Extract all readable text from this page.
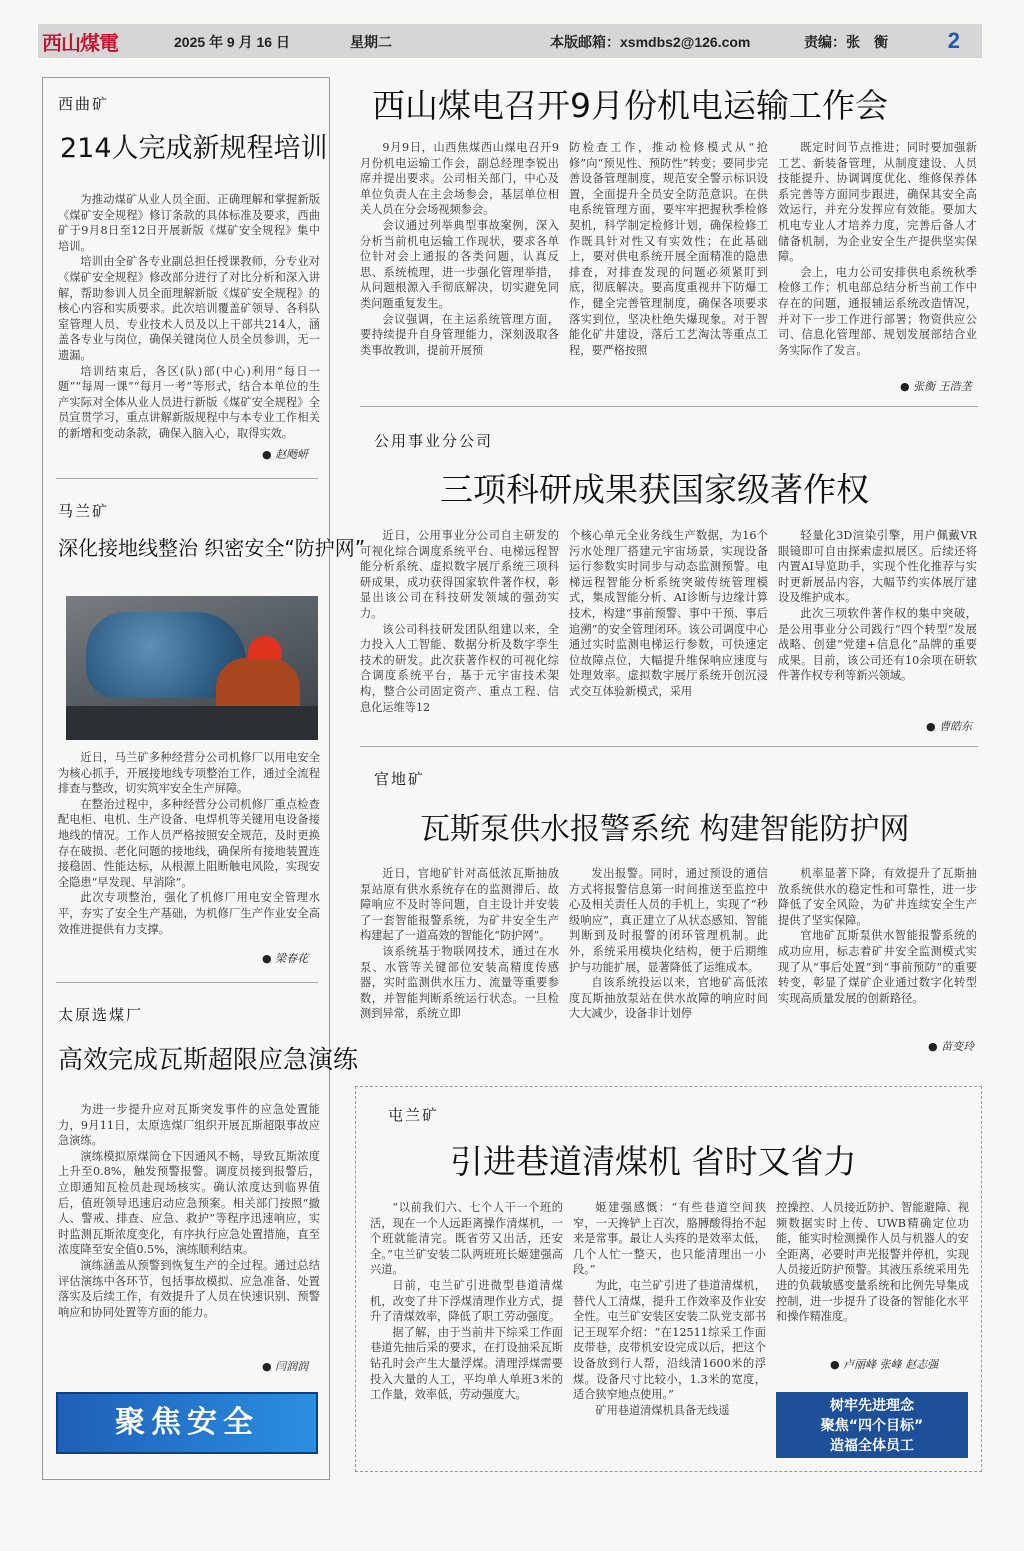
西山煤電	2025 年 9 月 16 日	星期二	本版邮箱：xsmdbs2@126.com	责编：张　衡	2
西曲矿
214人完成新规程培训

为推动煤矿从业人员全面、正确理解和掌握新版《煤矿安全规程》修订条款的具体标准及要求，西曲矿于9月8日至12日开展新版《煤矿安全规程》集中培训。

培训由全矿各专业副总担任授课教师，分专业对《煤矿安全规程》修改部分进行了对比分析和深入讲解，帮助参训人员全面理解新版《煤矿安全规程》的核心内容和实质要求。此次培训覆盖矿领导、各科队室管理人员、专业技术人员及以上干部共214人，涵盖各专业与岗位，确保关键岗位人员全员参训，无一遗漏。

培训结束后，各区(队)部(中心)利用“每日一题”“每周一课”“每月一考”等形式，结合本单位的生产实际对全体从业人员进行新版《煤矿安全规程》全员宣贯学习，重点讲解新版规程中与本专业工作相关的新增和变动条款，确保入脑入心，取得实效。

● 赵飏岍
马兰矿
深化接地线整治 织密安全“防护网”

近日，马兰矿多种经营分公司机修厂以用电安全为核心抓手，开展接地线专项整治工作，通过全流程排查与整改，切实筑牢安全生产屏障。

在整治过程中，多种经营分公司机修厂重点检查配电柜、电机、生产设备、电焊机等关键用电设备接地线的情况。工作人员严格按照安全规范，及时更换存在破损、老化问题的接地线，确保所有接地装置连接稳固、性能达标，从根源上阻断触电风险，实现安全隐患“早发现、早消除”。

此次专项整治，强化了机修厂用电安全管理水平，夯实了安全生产基础，为机修厂生产作业安全高效推进提供有力支撑。

● 梁春花
太原选煤厂
高效完成瓦斯超限应急演练

为进一步提升应对瓦斯突发事件的应急处置能力，9月11日，太原选煤厂组织开展瓦斯超限事故应急演练。

演练模拟原煤筒仓下因通风不畅，导致瓦斯浓度上升至0.8%，触发预警报警。调度员接到报警后，立即通知瓦检员赴现场核实。确认浓度达到临界值后，值班领导迅速启动应急预案。相关部门按照“撤人、警戒、排查、应急、救护”等程序迅速响应，实时监测瓦斯浓度变化，有序执行应急处置措施，直至浓度降至安全值0.5%，演练顺利结束。

演练涵盖从预警到恢复生产的全过程。通过总结评估演练中各环节，包括事故模拟、应急准备、处置落实及后续工作，有效提升了人员在快速识别、预警响应和协同处置等方面的能力。

● 闫润润
聚焦安全
西山煤电召开9月份机电运输工作会

9月9日，山西焦煤西山煤电召开9月份机电运输工作会，副总经理李锐出席并提出要求。公司相关部门，中心及单位负责人在主会场参会，基层单位相关人员在分会场视频参会。

会议通过列举典型事故案例，深入分析当前机电运输工作现状，要求各单位针对会上通报的各类问题，认真反思、系统梳理，进一步强化管理举措，从问题根源入手彻底解决，切实避免同类问题重复发生。

会议强调，在主运系统管理方面，要持续提升自身管理能力，深刻汲取各类事故教训，提前开展预

防检查工作，推动检修模式从“抢修”向“预见性、预防性”转变；要同步完善设备管理制度，规范安全警示标识设置，全面提升全员安全防范意识。在供电系统管理方面，要牢牢把握秋季检修契机，科学制定检修计划，确保检修工作既具针对性又有实效性；在此基础上，要对供电系统开展全面精准的隐患排查，对排查发现的问题必须紧盯到底，彻底解决。要高度重视井下防爆工作，健全完善管理制度，确保各项要求落实到位，坚决杜绝失爆现象。对于智能化矿井建设，落后工艺淘汰等重点工程，要严格按照

既定时间节点推进；同时要加强新工艺、新装备管理，从制度建设、人员技能提升、协调调度优化、维修保养体系完善等方面同步跟进，确保其安全高效运行，并充分发挥应有效能。要加大机电专业人才培养力度，完善后备人才储备机制，为企业安全生产提供坚实保障。

会上，电力公司安排供电系统秋季检修工作；机电部总结分析当前工作中存在的问题，通报辅运系统改造情况，并对下一步工作进行部署；物资供应公司、信息化管理部、规划发展部结合业务实际作了发言。

● 张衡 王浩垄
公用事业分公司
三项科研成果获国家级著作权

近日，公用事业分公司自主研发的可视化综合调度系统平台、电梯远程智能分析系统、虚拟数字展厅系统三项科研成果，成功获得国家软件著作权，彰显出该公司在科技研发领域的强劲实力。

该公司科技研发团队组建以来，全力投入人工智能、数据分析及数字孪生技术的研发。此次获著作权的可视化综合调度系统平台，基于元宇宙技术架构，整合公司固定资产、重点工程、信息化运维等12

个核心单元全业务线生产数据，为16个污水处理厂搭建元宇宙场景，实现设备运行参数实时同步与动态监测预警。电梯远程智能分析系统突破传统管理模式，集成智能分析、AI诊断与边缘计算技术，构建“事前预警、事中干预、事后追溯”的安全管理闭环。该公司调度中心通过实时监测电梯运行参数，可快速定位故障点位，大幅提升维保响应速度与处理效率。虚拟数字展厅系统开创沉浸式交互体验新模式，采用

轻量化3D渲染引擎，用户佩戴VR眼镜即可自由探索虚拟展区。后续还将内置AI导览助手，实现个性化推荐与实时更新展品内容，大幅节约实体展厅建设及维护成本。

此次三项软件著作权的集中突破，是公用事业分公司践行“四个转型”发展战略、创建“党建+信息化”品牌的重要成果。目前，该公司还有10余项在研软件著作权专利等新兴领域。

● 曹皓东
官地矿
瓦斯泵供水报警系统 构建智能防护网

近日，官地矿针对高低浓瓦斯抽放泵站原有供水系统存在的监测滞后、故障响应不及时等问题，自主设计并安装了一套智能报警系统，为矿井安全生产构建起了一道高效的智能化“防护网”。

该系统基于物联网技术，通过在水泵、水管等关键部位安装高精度传感器，实时监测供水压力、流量等重要参数，并智能判断系统运行状态。一旦检测到异常，系统立即

发出报警。同时，通过预设的通信方式将报警信息第一时间推送至监控中心及相关责任人员的手机上，实现了“秒级响应”，真正建立了从状态感知、智能判断到及时报警的闭环管理机制。此外，系统采用模块化结构，便于后期维护与功能扩展，显著降低了运维成本。

自该系统投运以来，官地矿高低浓度瓦斯抽放泵站在供水故障的响应时间大大减少，设备非计划停

机率显著下降，有效提升了瓦斯抽放系统供水的稳定性和可靠性，进一步降低了安全风险，为矿井连续安全生产提供了坚实保障。

官地矿瓦斯泵供水智能报警系统的成功应用，标志着矿井安全监测模式实现了从“事后处置”到“事前预防”的重要转变，彰显了煤矿企业通过数字化转型实现高质量发展的创新路径。

● 苗变玲
屯兰矿
引进巷道清煤机 省时又省力

“以前我们六、七个人干一个班的活，现在一个人远距离操作清煤机，一个班就能清完。既省劳又出活，还安全。”屯兰矿安装二队两班班长姬建强高兴道。

日前，屯兰矿引进微型巷道清煤机，改变了井下浮煤清理作业方式，提升了清煤效率，降低了职工劳动强度。

据了解，由于当前井下综采工作面巷道先抽后采的要求，在打设抽采瓦斯钻孔时会产生大量浮煤。清理浮煤需要投入大量的人工，平均单人单班3米的工作量，效率低，劳动强度大。

姬建强感慨：“有些巷道空间狭窄，一天搀铲上百次，胳膊酸得抬不起来是常事。最让人头疼的是效率太低，几个人忙一整天，也只能清理出一小段。”

为此，屯兰矿引进了巷道清煤机，替代人工清煤，提升工作效率及作业安全性。屯兰矿安装区安装二队党支部书记王现军介绍：“在12511综采工作面皮带巷，皮带机安设完成以后，把这个设备放到行人帮，沿线清1600米的浮煤。设备尺寸比较小，1.3米的宽度，适合狭窄地点使用。”

矿用巷道清煤机具备无线遥

控操控、人员接近防护、智能避障、视频数据实时上传、UWB精确定位功能，能实时检测操作人员与机器人的安全距离，必要时声光报警并停机，实现人员接近防护预警。其液压系统采用先进的负载敏感变量系统和比例先导集成控制，进一步提升了设备的智能化水平和操作精准度。
● 卢丽峰 张峰 赵志强
树牢先进理念
聚焦“四个目标”
造福全体员工
